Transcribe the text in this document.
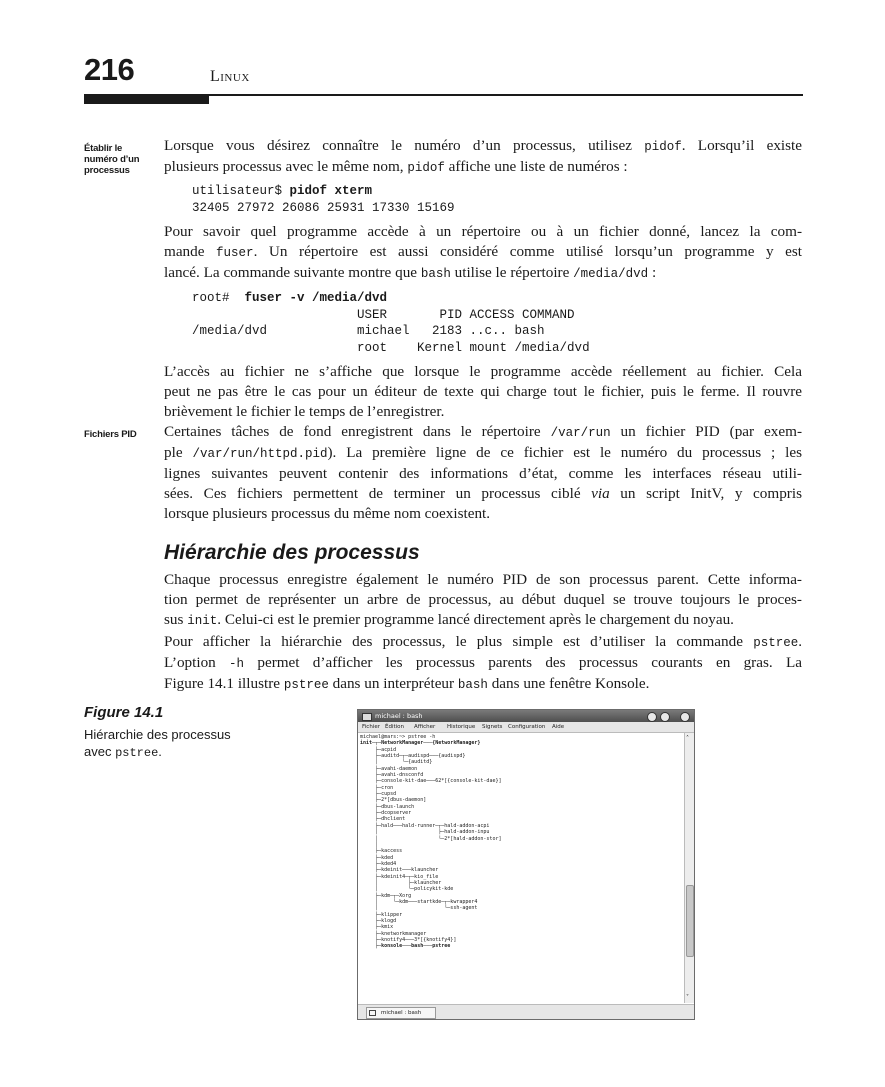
216	Linux
Établir le
numéro d’un
processus
Lorsque vous désirez connaître le numéro d’un processus, utilisez pidof. Lorsqu’il existe
plusieurs processus avec le même nom, pidof affiche une liste de numéros :
utilisateur$ pidof xterm
32405 27972 26086 25931 17330 15169
Pour savoir quel programme accède à un répertoire ou à un fichier donné, lancez la com-
mande fuser. Un répertoire est aussi considéré comme utilisé lorsqu’un programme y est
lancé. La commande suivante montre que bash utilise le répertoire /media/dvd :
root#  fuser -v /media/dvd
USER       PID ACCESS COMMAND
/media/dvd            michael   2183 ..c.. bash
root    Kernel mount /media/dvd
L’accès au fichier ne s’affiche que lorsque le programme accède réellement au fichier. Cela
peut ne pas être le cas pour un éditeur de texte qui charge tout le fichier, puis le ferme. Il rouvre
brièvement le fichier le temps de l’enregistrer.
Fichiers PID	Certaines tâches de fond enregistrent dans le répertoire /var/run un fichier PID (par exem-
ple /var/run/httpd.pid). La première ligne de ce fichier est le numéro du processus ; les
lignes suivantes peuvent contenir des informations d’état, comme les interfaces réseau utili-
sées. Ces fichiers permettent de terminer un processus ciblé via un script InitV, y compris
lorsque plusieurs processus du même nom coexistent.
Hiérarchie des processus
Chaque processus enregistre également le numéro PID de son processus parent. Cette informa-
tion permet de représenter un arbre de processus, au début duquel se trouve toujours le proces-
sus init. Celui-ci est le premier programme lancé directement après le chargement du noyau.
Pour afficher la hiérarchie des processus, le plus simple est d’utiliser la commande pstree.
L’option -h permet d’afficher les processus parents des processus courants en gras. La
Figure 14.1 illustre pstree dans un interpréteur bash dans une fenêtre Konsole.
Figure 14.1
Hiérarchie des processus
avec pstree.
michael : bash
Fichier Édition Afficher Historique Signets Configuration Aide
michael@mars:~> pstree -h
init─┬─NetworkManager───{NetworkManager}
├─acpid
├─auditd─┬─audispd───{audispd}
│        └─{auditd}
├─avahi-daemon
├─avahi-dnsconfd
├─console-kit-dae───62*[{console-kit-dae}]
├─cron
├─cupsd
├─2*[dbus-daemon]
├─dbus-launch
├─dcopserver
├─dhclient
├─hald───hald-runner─┬─hald-addon-acpi
│                    ├─hald-addon-inpu
│                    └─2*[hald-addon-stor]
│
├─kaccess
├─kded
├─kded4
├─kdeinit───klauncher
├─kdeinit4─┬─kio_file
│          ├─klauncher
│          └─policykit-kde
├─kdm─┬─Xorg
│     └─kdm───startkde─┬─kwrapper4
│                      └─ssh-agent
├─klipper
├─klogd
├─kmix
├─knetworkmanager
├─knotify4───3*[{knotify4}]
├─konsole───bash───pstree
˄
˅
michael : bash
